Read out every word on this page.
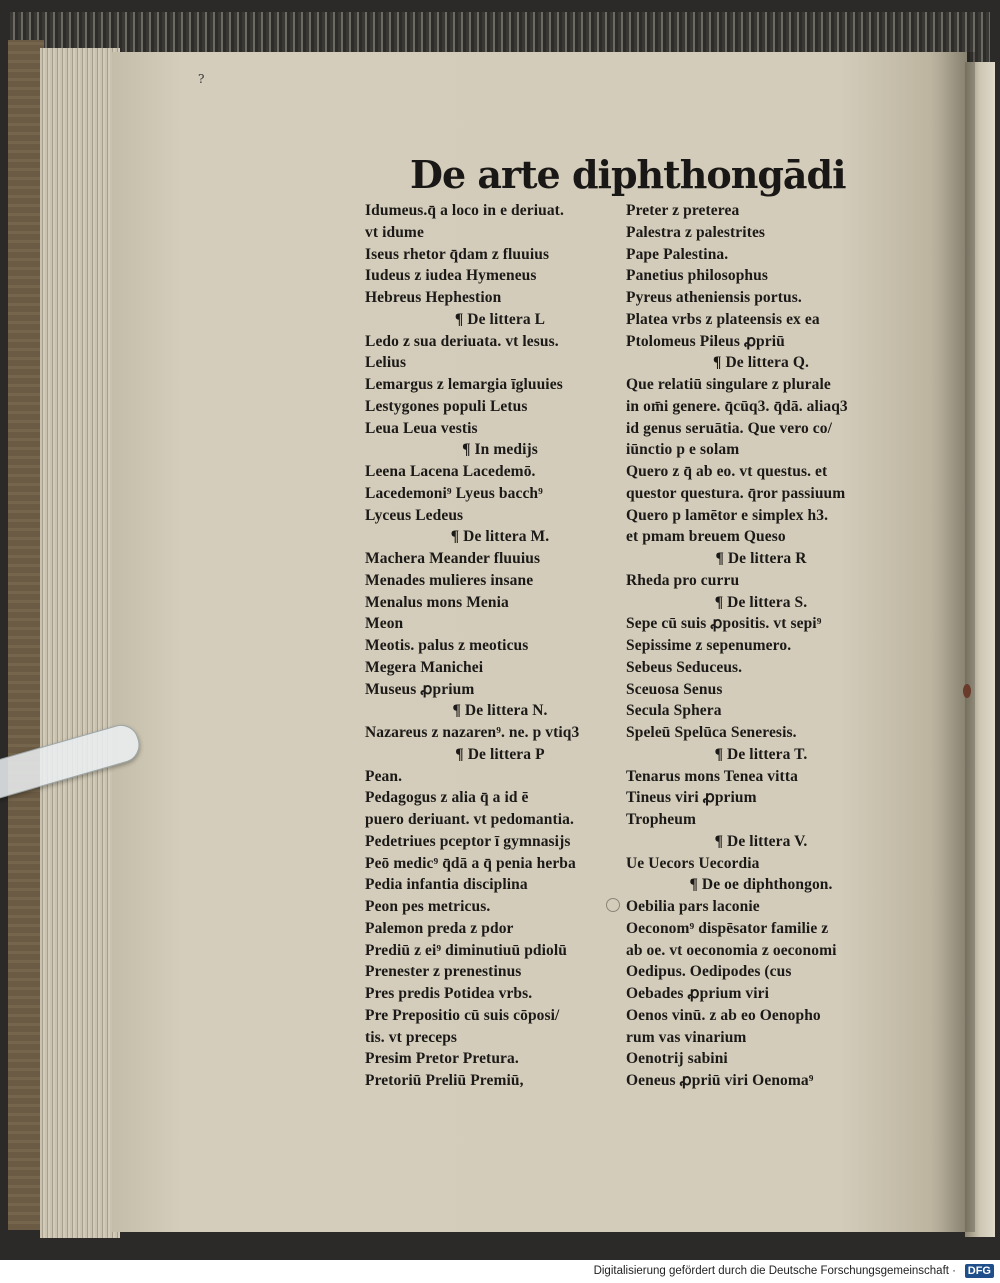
?
De arte diphthongādi
Idumeus.q̄ a loco in e deriuat.
vt idume
Iseus rhetor q̄dam z fluuius
Iudeus z iudea Hymeneus
Hebreus Hephestion
¶ De littera L
Ledo z sua deriuata. vt lesus.
Lelius
Lemargus z lemargia īgluuies
Lestygones populi Letus
Leua Leua vestis
¶ In medijs
Leena Lacena Lacedemō.
Lacedemoni⁹ Lyeus bacch⁹
Lyceus Ledeus
¶ De littera M.
Machera Meander fluuius
Menades mulieres insane
Menalus mons Menia
Meon
Meotis. palus z meoticus
Megera Manichei
Museus ꝓprium
¶ De littera N.
Nazareus z nazaren⁹. ne. p vtiq3
¶ De littera P
Pean.
Pedagogus z alia q̄ a id ē
puero deriuant. vt pedomantia.
Pedetriues pceptor ī gymnasijs
Peō medic⁹ q̄dā a q̄ penia herba
Pedia infantia disciplina
Peon pes metricus.
Palemon preda z pdor
Prediū z ei⁹ diminutiuū pdiolū
Prenester z prenestinus
Pres predis Potidea vrbs.
Pre Prepositio cū suis cōposi/
tis. vt preceps
Presim Pretor Pretura.
Pretoriū Preliū Premiū,
Preter z preterea
Palestra z palestrites
Pape Palestina.
Panetius philosophus
Pyreus atheniensis portus.
Platea vrbs z plateensis ex ea
Ptolomeus Pileus ꝓpriū
¶ De littera Q.
Que relatiū singulare z plurale
in om̄i genere. q̄cūq3. q̄dā. aliaq3
id genus seruātia. Que vero co/
iūnctio p e solam
Quero z q̄ ab eo. vt questus. et
questor questura. q̄ror passiuum
Quero p lamētor e simplex h3.
et pmam breuem Queso
¶ De littera R
Rheda pro curru
¶ De littera S.
Sepe cū suis ꝓpositis. vt sepi⁹
Sepissime z sepenumero.
Sebeus Seduceus.
Sceuosa Senus
Secula Sphera
Speleū Spelūca Seneresis.
¶ De littera T.
Tenarus mons Tenea vitta
Tineus viri ꝓprium
Tropheum
¶ De littera V.
Ue Uecors Uecordia
¶ De oe diphthongon.
Oebilia pars laconie
Oeconom⁹ dispēsator familie z
ab oe. vt oeconomia z oeconomi
Oedipus. Oedipodes (cus
Oebades ꝓprium viri
Oenos vinū. z ab eo Oenopho
rum vas vinarium
Oenotrij sabini
Oeneus ꝓpriū viri Oenoma⁹
Digitalisierung gefördert durch die Deutsche Forschungsgemeinschaft · DFG
